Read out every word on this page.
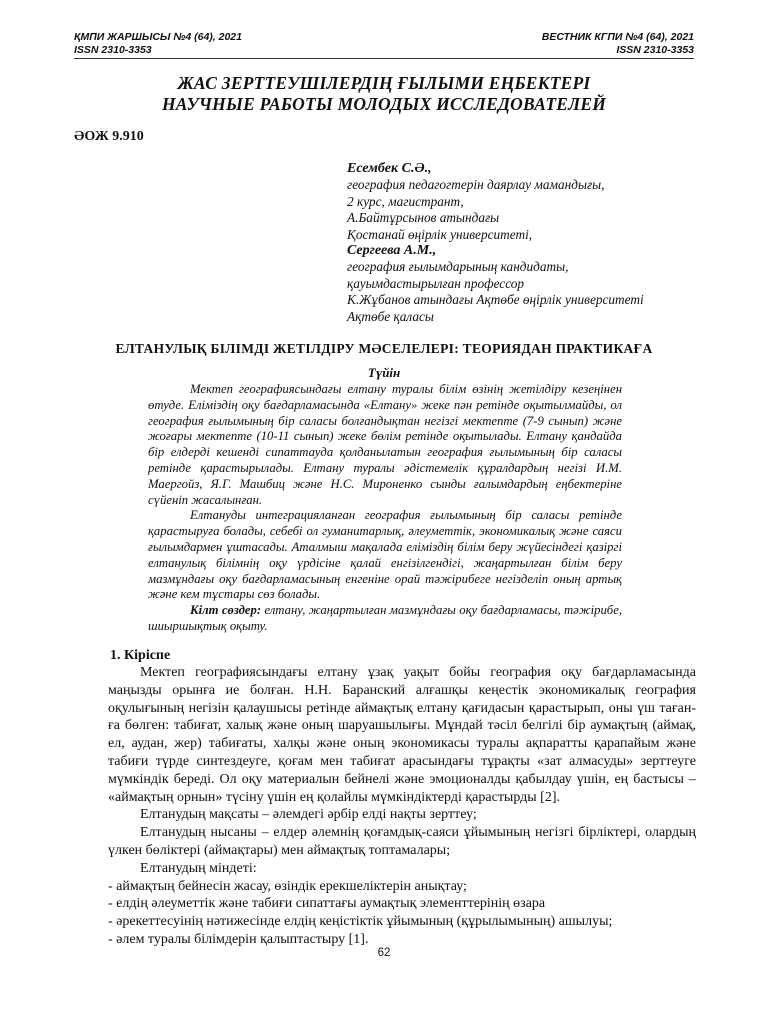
ҚМПИ ЖАРШЫСЫ №4 (64), 2021
ISSN 2310-3353
ВЕСТНИК КГПИ №4 (64), 2021
ISSN 2310-3353
ЖАС ЗЕРТТЕУШІЛЕРДІҢ ҒЫЛЫМИ ЕҢБЕКТЕРІ
НАУЧНЫЕ РАБОТЫ МОЛОДЫХ ИССЛЕДОВАТЕЛЕЙ
ӘОЖ 9.910
Есембек С.Ә.,
география педагогтерін даярлау мамандығы,
2 курс, магистрант,
А.Байтұрсынов атындағы
Қостанай өңірлік университеті,
Сергеева А.М.,
география ғылымдарының кандидаты,
қауымдастырылған профессор
К.Жұбанов атындағы Ақтөбе өңірлік университеті
Ақтөбе қаласы
ЕЛТАНУЛЫҚ БІЛІМДІ ЖЕТІЛДІРУ МӘСЕЛЕЛЕРІ: ТЕОРИЯДАН ПРАКТИКАҒА
Түйін

Мектеп географиясындағы елтану туралы білім өзінің жетілдіру кезеңінен өтуде. Еліміздің оқу бағдарламасында «Елтану» жеке пән ретінде оқытылмайды, ол география ғылымының бір саласы болғандықтан негізгі мектепте (7-9 сынып) және жоғары мектепте (10-11 сынып) жеке бөлім ретінде оқытылады. Елтану қандайда бір елдерді кешенді сипаттауда қолданылатын география ғылымының бір саласы ретінде қарастырылады. Елтану туралы әдістемелік құралдардың негізі И.М. Маергойз, Я.Г. Машбиц және Н.С. Мироненко сынды ғалымдардың еңбектеріне сүйеніп жасалынған.

Елтануды интеграцияланған география ғылымының бір саласы ретінде қарастыруға болады, себебі ол гуманитарлық, әлеуметтік, экономикалық және саяси ғылымдармен ұштасады. Аталмыш мақалада еліміздің білім беру жүйесіндегі қазіргі елтанулық білімнің оқу үрдісіне қалай енгізілгендігі, жаңартылған білім беру мазмұндағы оқу бағдарламасының енгеніне орай тәжірибеге негізделіп оның артық және кем тұстары сөз болады.

Кілт сөздер: елтану, жаңартылған мазмұндағы оқу бағдарламасы, тәжірибе, шиыршықтық оқыту.

1. Кіріспе

Мектеп географиясындағы елтану ұзақ уақыт бойы география оқу бағдарламасында маңызды орынға ие болған. Н.Н. Баранский алғашқы кеңестік экономикалық география оқулығының негізін қалаушысы ретінде аймақтық елтану қағидасын қарастырып, оны үш таған-ға бөлген: табиғат, халық және оның шаруашылығы. Мұндай тәсіл белгілі бір аумақтың (аймақ, ел, аудан, жер) табиғаты, халқы және оның экономикасы туралы ақпаратты қарапайым және табиғи түрде синтездеуге, қоғам мен табиғат арасындағы тұрақты «зат алмасуды» зерттеуге мүмкіндік береді. Ол оқу материалын бейнелі және эмоционалды қабылдау үшін, ең бастысы – «аймақтың орнын» түсіну үшін ең қолайлы мүмкіндіктерді қарастырды [2].

Елтанудың мақсаты – әлемдегі әрбір елді нақты зерттеу;

Елтанудың нысаны – елдер әлемнің қоғамдық-саяси ұйымының негізгі бірліктері, олардың үлкен бөліктері (аймақтары) мен аймақтық топтамалары;

Елтанудың міндеті:

- аймақтың бейнесін жасау, өзіндік ерекшеліктерін анықтау;

- елдің әлеуметтік және табиғи сипаттағы аумақтық элементтерінің өзара

- әрекеттесуінің нәтижесінде елдің кеңістіктік ұйымының (құрылымының) ашылуы;

- әлем туралы білімдерін қалыптастыру [1].

62
